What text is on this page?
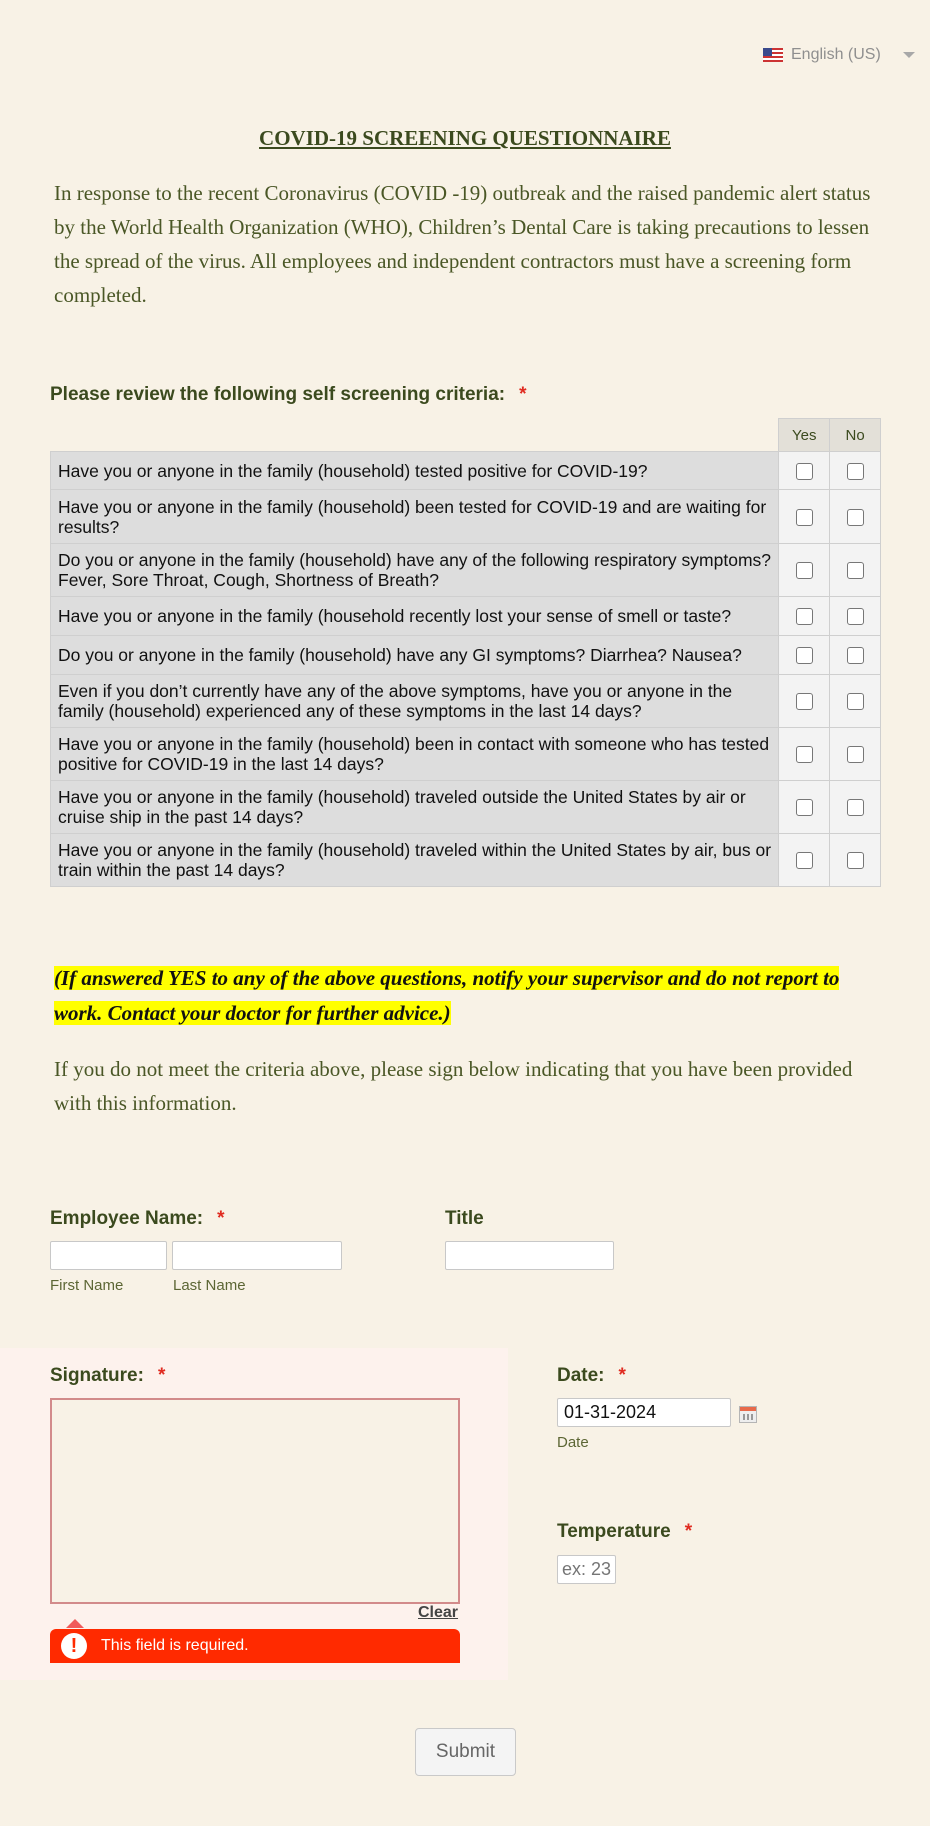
English (US)
COVID-19 SCREENING QUESTIONNAIRE
In response to the recent Coronavirus (COVID -19) outbreak and the raised pandemic alert status by the World Health Organization (WHO), Children’s Dental Care is taking precautions to lessen the spread of the virus. All employees and independent contractors must have a screening form completed.
Please review the following self screening criteria: *
	Yes	No
Have you or anyone in the family (household) tested positive for COVID-19?		
Have you or anyone in the family (household) been tested for COVID-19 and are waiting for results?		
Do you or anyone in the family (household) have any of the following respiratory symptoms? Fever, Sore Throat, Cough, Shortness of Breath?		
Have you or anyone in the family (household recently lost your sense of smell or taste?		
Do you or anyone in the family (household) have any GI symptoms? Diarrhea? Nausea?		
Even if you don’t currently have any of the above symptoms, have you or anyone in the family (household) experienced any of these symptoms in the last 14 days?		
Have you or anyone in the family (household) been in contact with someone who has tested positive for COVID-19 in the last 14 days?		
Have you or anyone in the family (household) traveled outside the United States by air or cruise ship in the past 14 days?		
Have you or anyone in the family (household) traveled within the United States by air, bus or train within the past 14 days?		
(If answered YES to any of the above questions, notify your supervisor and do not report to work. Contact your doctor for further advice.)
If you do not meet the criteria above, please sign below indicating that you have been provided with this information.
Employee Name: *
First Name	Last Name
Title
Signature: *
Clear
!	This field is required.
Date: *
01-31-2024
Date
Temperature *
ex: 23
Submit
